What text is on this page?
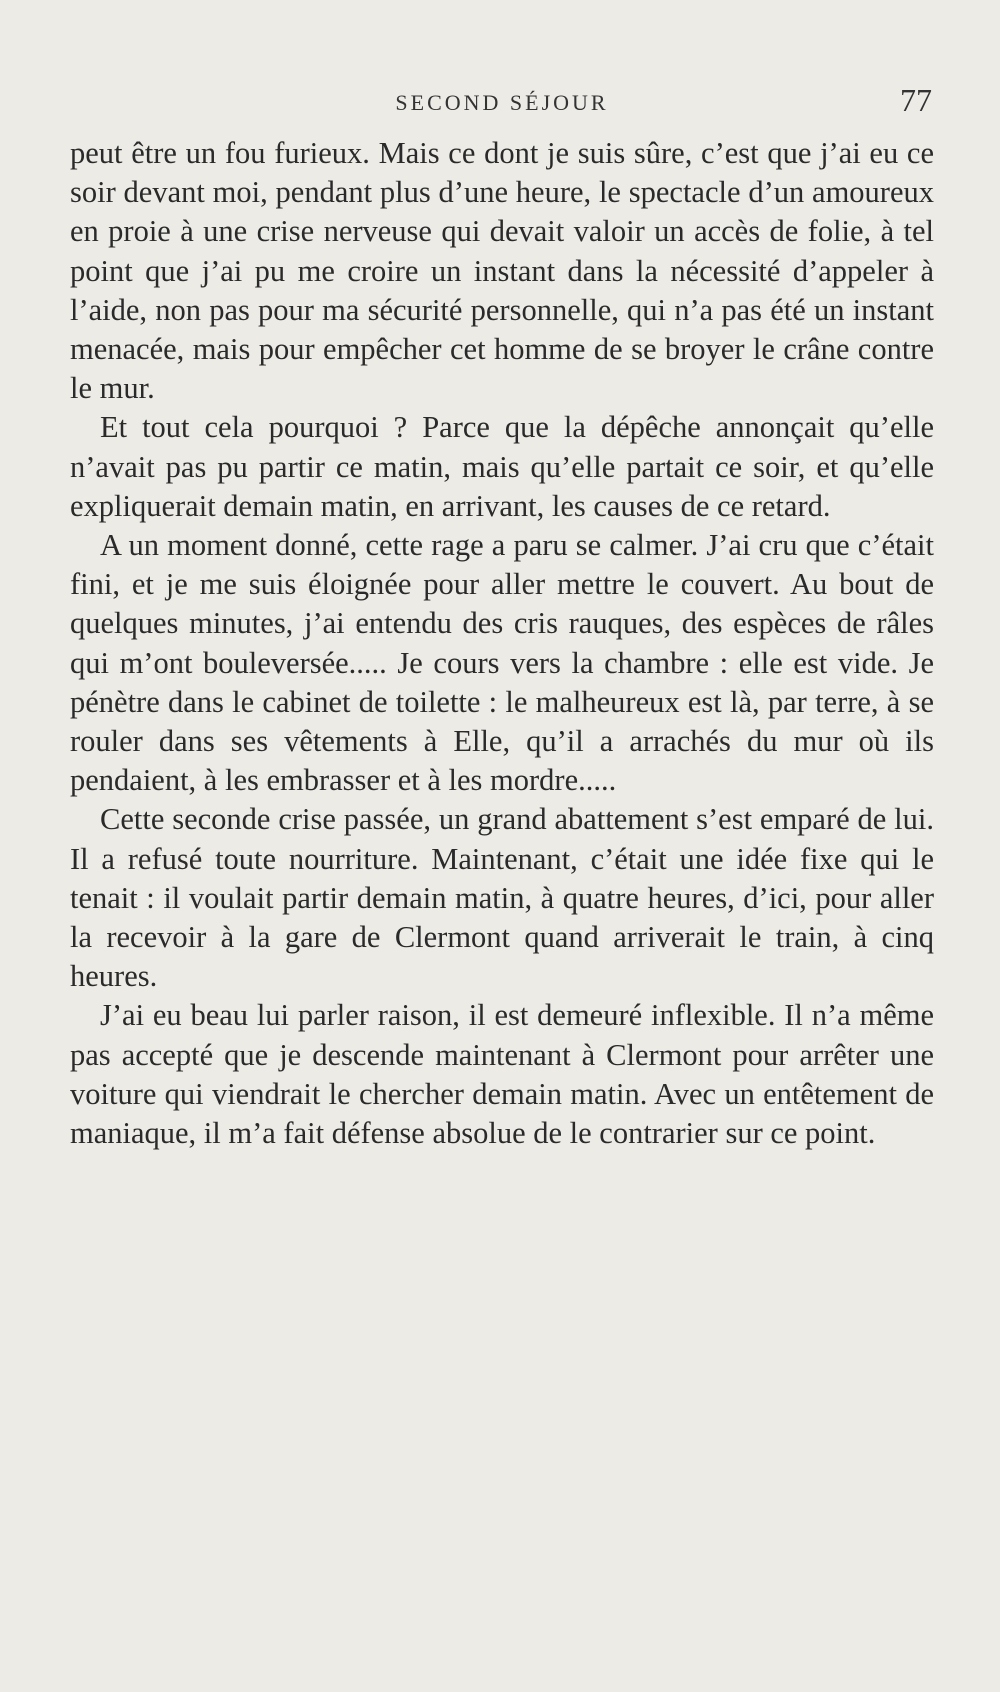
SECOND SÉJOUR	77

peut être un fou furieux. Mais ce dont je suis sûre, c’est que j’ai eu ce soir devant moi, pendant plus d’une heure, le spectacle d’un amoureux en proie à une crise nerveuse qui devait valoir un accès de folie, à tel point que j’ai pu me croire un instant dans la nécessité d’appeler à l’aide, non pas pour ma sécurité personnelle, qui n’a pas été un instant menacée, mais pour empêcher cet homme de se broyer le crâne contre le mur.

Et tout cela pourquoi ? Parce que la dépêche annonçait qu’elle n’avait pas pu partir ce matin, mais qu’elle partait ce soir, et qu’elle expliquerait demain matin, en arrivant, les causes de ce retard.

A un moment donné, cette rage a paru se calmer. J’ai cru que c’était fini, et je me suis éloignée pour aller mettre le couvert. Au bout de quelques minutes, j’ai entendu des cris rauques, des espèces de râles qui m’ont bouleversée..... Je cours vers la chambre : elle est vide. Je pénètre dans le cabinet de toilette : le malheureux est là, par terre, à se rouler dans ses vêtements à Elle, qu’il a arrachés du mur où ils pendaient, à les embrasser et à les mordre.....

Cette seconde crise passée, un grand abattement s’est emparé de lui. Il a refusé toute nourriture. Maintenant, c’était une idée fixe qui le tenait : il voulait partir demain matin, à quatre heures, d’ici, pour aller la recevoir à la gare de Clermont quand arriverait le train, à cinq heures.

J’ai eu beau lui parler raison, il est demeuré inflexible. Il n’a même pas accepté que je descende maintenant à Clermont pour arrêter une voiture qui viendrait le chercher demain matin. Avec un entêtement de maniaque, il m’a fait défense absolue de le contrarier sur ce point.
